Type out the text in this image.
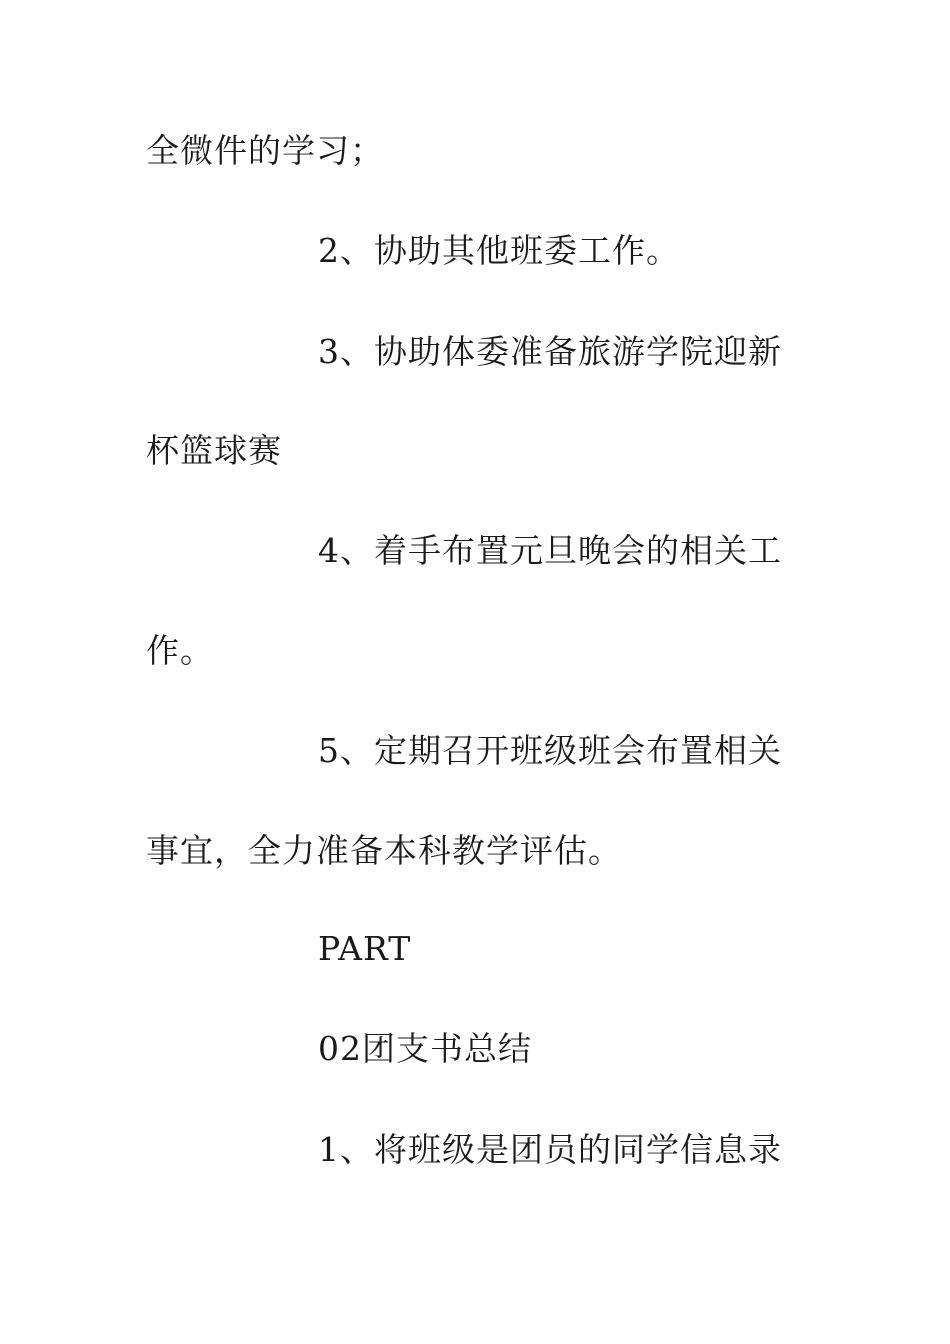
全微件的学习；
2、协助其他班委工作。
3、协助体委准备旅游学院迎新
杯篮球赛
4、着手布置元旦晚会的相关工
作。
5、定期召开班级班会布置相关
事宜，全力准备本科教学评估。
PART
02团支书总结
1、将班级是团员的同学信息录
